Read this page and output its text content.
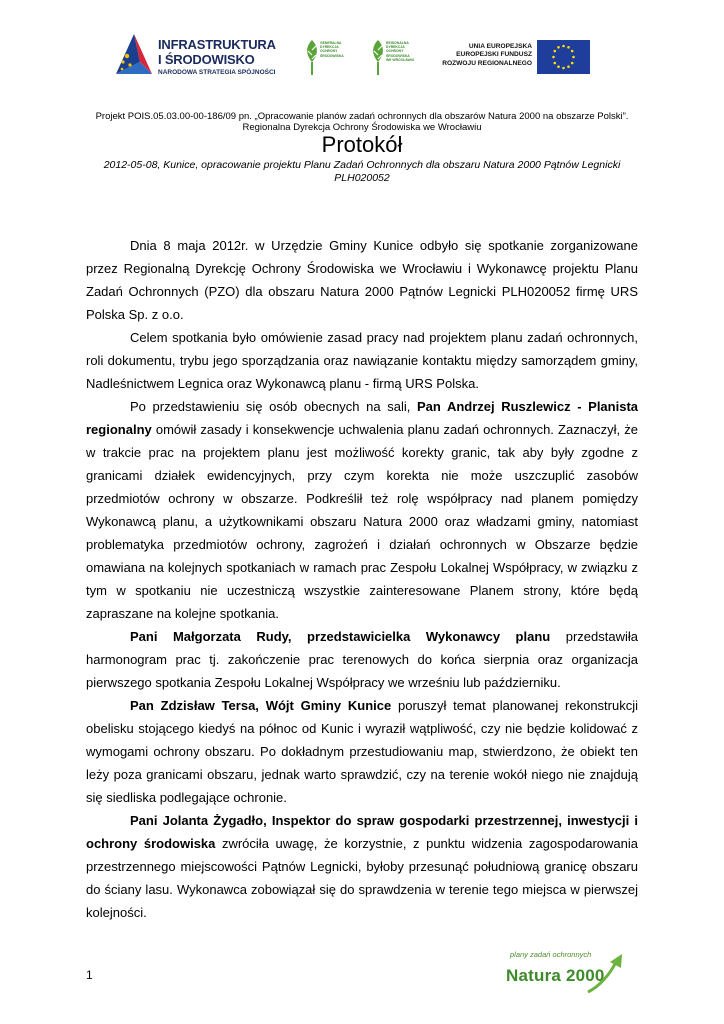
INFRASTRUKTURA
I ŚRODOWISKO
NARODOWA STRATEGIA SPÓJNOŚCI
GENERALNA
DYREKCJA
OCHRONY
ŚRODOWISKA
REGIONALNA
DYREKCJA
OCHRONY
ŚRODOWISKA
WE WROCŁAWIU
UNIA EUROPEJSKA
EUROPEJSKI FUNDUSZ
ROZWOJU REGIONALNEGO
Projekt POIS.05.03.00-00-186/09 pn. „Opracowanie planów zadań ochronnych dla obszarów Natura 2000 na obszarze Polski”.
Regionalna Dyrekcja Ochrony Środowiska we Wrocławiu
Protokół
2012-05-08, Kunice, opracowanie projektu Planu Zadań Ochronnych dla obszaru Natura 2000 Pątnów Legnicki
PLH020052

Dnia 8 maja 2012r. w Urzędzie Gminy Kunice odbyło się spotkanie zorganizowane przez Regionalną Dyrekcję Ochrony Środowiska we Wrocławiu i Wykonawcę projektu Planu Zadań Ochronnych (PZO) dla obszaru Natura 2000 Pątnów Legnicki PLH020052 firmę URS Polska Sp. z o.o.

Celem spotkania było omówienie zasad pracy nad projektem planu zadań ochronnych, roli dokumentu, trybu jego sporządzania oraz nawiązanie kontaktu między samorządem gminy, Nadleśnictwem Legnica oraz Wykonawcą planu - firmą URS Polska.

Po przedstawieniu się osób obecnych na sali, Pan Andrzej Ruszlewicz - Planista regionalny omówił zasady i konsekwencje uchwalenia planu zadań ochronnych. Zaznaczył, że w trakcie prac na projektem planu jest możliwość korekty granic, tak aby były zgodne z granicami działek ewidencyjnych, przy czym korekta nie może uszczuplić zasobów przedmiotów ochrony w obszarze. Podkreślił też rolę współpracy nad planem pomiędzy Wykonawcą planu, a użytkownikami obszaru Natura 2000 oraz władzami gminy, natomiast problematyka przedmiotów ochrony, zagrożeń i działań ochronnych w Obszarze będzie omawiana na kolejnych spotkaniach w ramach prac Zespołu Lokalnej Współpracy, w związku z tym w spotkaniu nie uczestniczą wszystkie zainteresowane Planem strony, które będą zapraszane na kolejne spotkania.

Pani Małgorzata Rudy, przedstawicielka Wykonawcy planu przedstawiła harmonogram prac tj. zakończenie prac terenowych do końca sierpnia oraz organizacja pierwszego spotkania Zespołu Lokalnej Współpracy we wrześniu lub październiku.

Pan Zdzisław Tersa, Wójt Gminy Kunice poruszył temat planowanej rekonstrukcji obelisku stojącego kiedyś na północ od Kunic i wyraził wątpliwość, czy nie będzie kolidować z wymogami ochrony obszaru. Po dokładnym przestudiowaniu map, stwierdzono, że obiekt ten leży poza granicami obszaru, jednak warto sprawdzić, czy na terenie wokół niego nie znajdują się siedliska podlegające ochronie.

Pani Jolanta Żygadło, Inspektor do spraw gospodarki przestrzennej, inwestycji i ochrony środowiska zwróciła uwagę, że korzystnie, z punktu widzenia zagospodarowania przestrzennego miejscowości Pątnów Legnicki, byłoby przesunąć południową granicę obszaru do ściany lasu. Wykonawca zobowiązał się do sprawdzenia w terenie tego miejsca w pierwszej kolejności.

1
plany zadań ochronnych
Natura 2000
